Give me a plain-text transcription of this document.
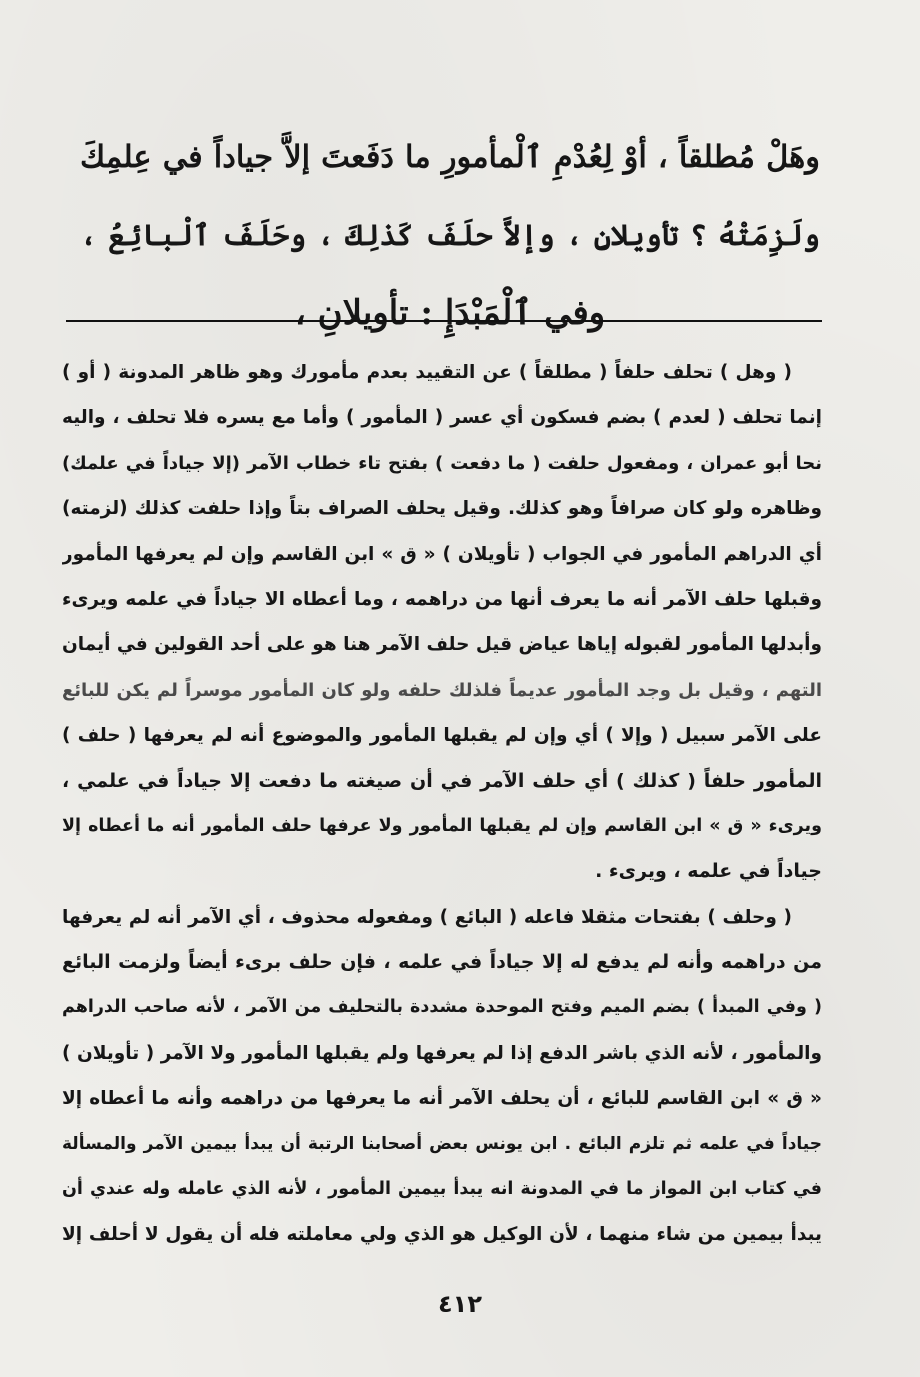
وهَلْ مُطلقاً ، أوْ لِعُدْمِ ٱلْمأمورِ ما دَفَعتَ إلاَّ جياداً في عِلمِكَ
ولَزِمَتْهُ ؟ تأويلانِ ، وإلاَّ حلَفَ كَذلِكَ ، وحَلَفَ ٱلْبائِعُ ،
وفي ٱلْمَبْدَإِ : تأويلانِ ،
( وهل ) تحلف حلفاً ( مطلقاً ) عن التقييد بعدم مأمورك وهو ظاهر المدونة ( أو )
إنما تحلف ( لعدم ) بضم فسكون أي عسر ( المأمور ) وأما مع يسره فلا تحلف ، واليه
نحا أبو عمران ، ومفعول حلفت ( ما دفعت ) بفتح تاء خطاب الآمر (إلا جياداً في علمك)
وظاهره ولو كان صرافاً وهو كذلك. وقيل يحلف الصراف بتاً وإذا حلفت كذلك (لزمته)
أي الدراهم المأمور في الجواب ( تأويلان ) « ق » ابن القاسم وإن لم يعرفها المأمور
وقبلها حلف الآمر أنه ما يعرف أنها من دراهمه ، وما أعطاه الا جياداً في علمه ويرىء
وأبدلها المأمور لقبوله إياها عياض قيل حلف الآمر هنا هو على أحد القولين في أيمان
التهم ، وقيل بل وجد المأمور عديماً فلذلك حلفه ولو كان المأمور موسراً لم يكن للبائع
على الآمر سبيل ( وإلا ) أي وإن لم يقبلها المأمور والموضوع أنه لم يعرفها ( حلف )
المأمور حلفاً ( كذلك ) أي حلف الآمر في أن صيغته ما دفعت إلا جياداً في علمي ،
ويرىء « ق » ابن القاسم وإن لم يقبلها المأمور ولا عرفها حلف المأمور أنه ما أعطاه إلا
جياداً في علمه ، ويرىء .
( وحلف ) بفتحات مثقلا فاعله ( البائع ) ومفعوله محذوف ، أي الآمر أنه لم يعرفها
من دراهمه وأنه لم يدفع له إلا جياداً في علمه ، فإن حلف برىء أيضاً ولزمت البائع
( وفي المبدأ ) بضم الميم وفتح الموحدة مشددة بالتحليف من الآمر ، لأنه صاحب الدراهم
والمأمور ، لأنه الذي باشر الدفع إذا لم يعرفها ولم يقبلها المأمور ولا الآمر ( تأويلان )
« ق » ابن القاسم للبائع ، أن يحلف الآمر أنه ما يعرفها من دراهمه وأنه ما أعطاه إلا
جياداً في علمه ثم تلزم البائع . ابن يونس بعض أصحابنا الرتبة أن يبدأ بيمين الآمر والمسألة
في كتاب ابن المواز ما في المدونة انه يبدأ بيمين المأمور ، لأنه الذي عامله وله عندي أن
يبدأ بيمين من شاء منهما ، لأن الوكيل هو الذي ولي معاملته فله أن يقول لا أحلف إلا
٤١٢
